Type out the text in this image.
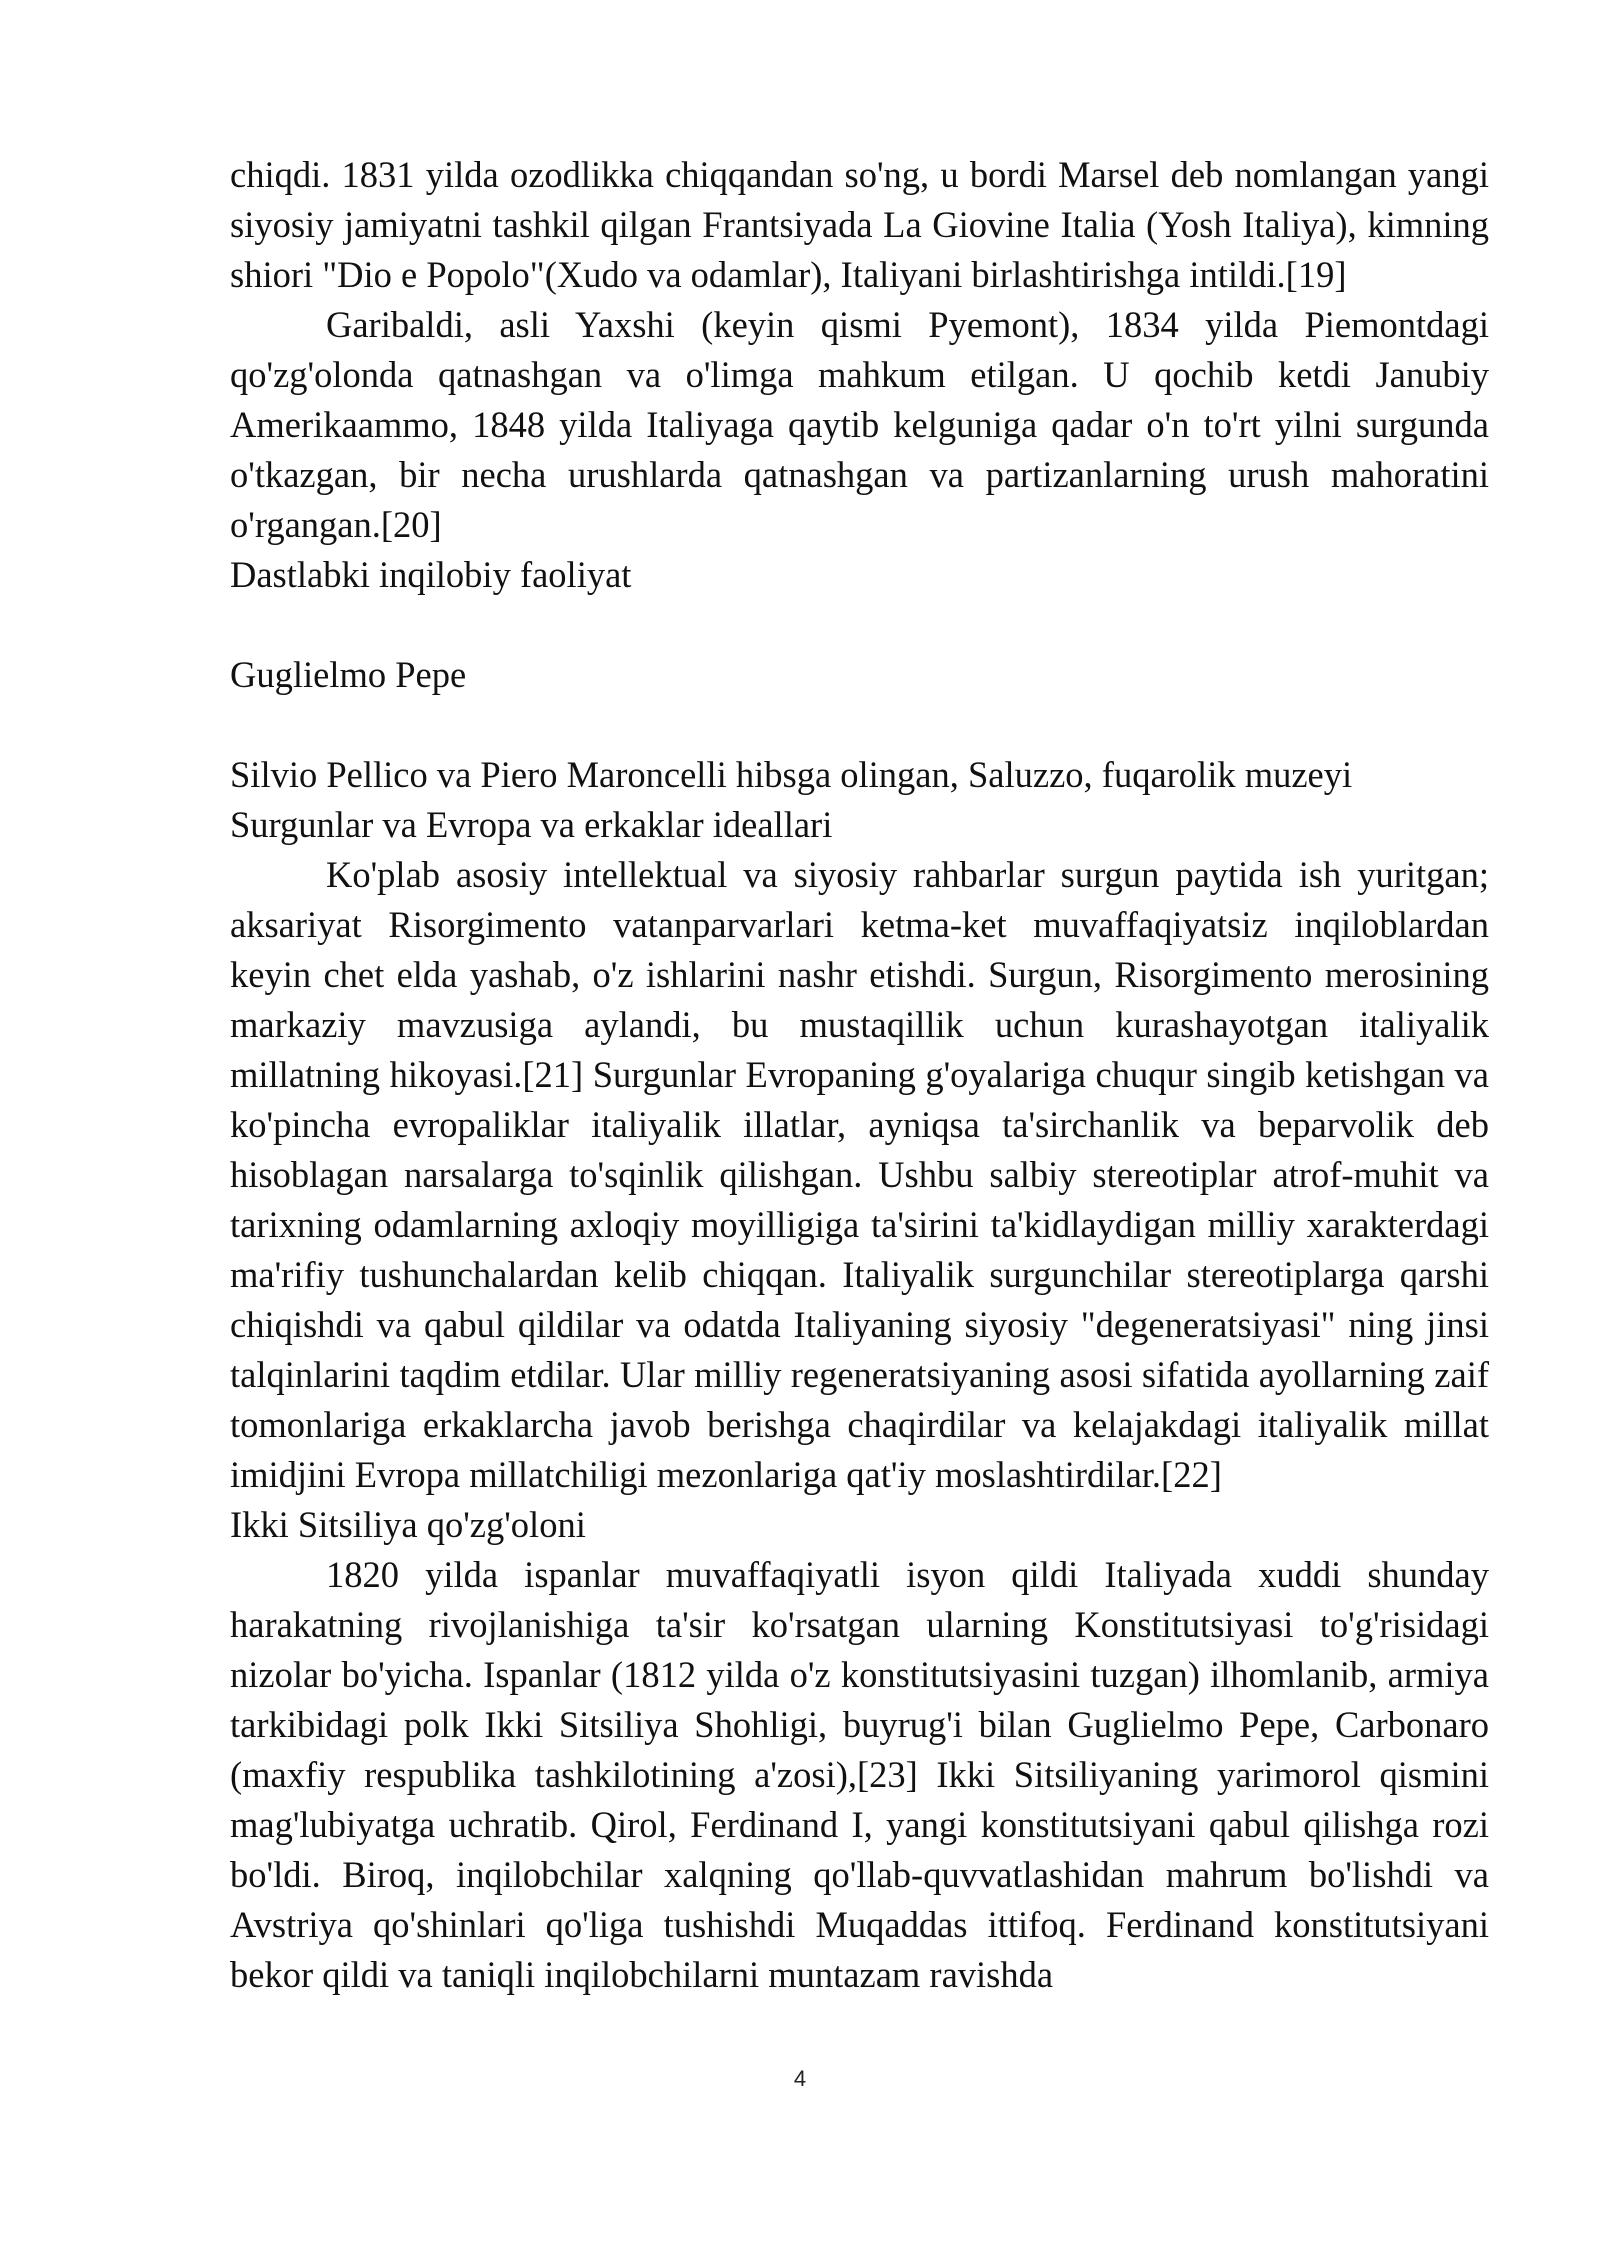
chiqdi. 1831 yilda ozodlikka chiqqandan so'ng, u bordi Marsel deb nomlangan yangi siyosiy jamiyatni tashkil qilgan Frantsiyada La Giovine Italia (Yosh Italiya), kimning shiori "Dio e Popolo"(Xudo va odamlar), Italiyani birlashtirishga intildi.[19]

Garibaldi, asli Yaxshi (keyin qismi Pyemont), 1834 yilda Piemontdagi qo'zg'olonda qatnashgan va o'limga mahkum etilgan. U qochib ketdi Janubiy Amerikaammo, 1848 yilda Italiyaga qaytib kelguniga qadar o'n to'rt yilni surgunda o'tkazgan, bir necha urushlarda qatnashgan va partizanlarning urush mahoratini o'rgangan.[20]

Dastlabki inqilobiy faoliyat

Guglielmo Pepe

Silvio Pellico va Piero Maroncelli hibsga olingan, Saluzzo, fuqarolik muzeyi

Surgunlar va Evropa va erkaklar ideallari

Ko'plab asosiy intellektual va siyosiy rahbarlar surgun paytida ish yuritgan; aksariyat Risorgimento vatanparvarlari ketma-ket muvaffaqiyatsiz inqiloblardan keyin chet elda yashab, o'z ishlarini nashr etishdi. Surgun, Risorgimento merosining markaziy mavzusiga aylandi, bu mustaqillik uchun kurashayotgan italiyalik millatning hikoyasi.[21] Surgunlar Evropaning g'oyalariga chuqur singib ketishgan va ko'pincha evropaliklar italiyalik illatlar, ayniqsa ta'sirchanlik va beparvolik deb hisoblagan narsalarga to'sqinlik qilishgan. Ushbu salbiy stereotiplar atrof-muhit va tarixning odamlarning axloqiy moyilligiga ta'sirini ta'kidlaydigan milliy xarakterdagi ma'rifiy tushunchalardan kelib chiqqan. Italiyalik surgunchilar stereotiplarga qarshi chiqishdi va qabul qildilar va odatda Italiyaning siyosiy "degeneratsiyasi" ning jinsi talqinlarini taqdim etdilar. Ular milliy regeneratsiyaning asosi sifatida ayollarning zaif tomonlariga erkaklarcha javob berishga chaqirdilar va kelajakdagi italiyalik millat imidjini Evropa millatchiligi mezonlariga qat'iy moslashtirdilar.[22]

Ikki Sitsiliya qo'zg'oloni

1820 yilda ispanlar muvaffaqiyatli isyon qildi Italiyada xuddi shunday harakatning rivojlanishiga ta'sir ko'rsatgan ularning Konstitutsiyasi to'g'risidagi nizolar bo'yicha. Ispanlar (1812 yilda o'z konstitutsiyasini tuzgan) ilhomlanib, armiya tarkibidagi polk Ikki Sitsiliya Shohligi, buyrug'i bilan Guglielmo Pepe, Carbonaro (maxfiy respublika tashkilotining a'zosi),[23] Ikki Sitsiliyaning yarimorol qismini mag'lubiyatga uchratib. Qirol, Ferdinand I, yangi konstitutsiyani qabul qilishga rozi bo'ldi. Biroq, inqilobchilar xalqning qo'llab-quvvatlashidan mahrum bo'lishdi va Avstriya qo'shinlari qo'liga tushishdi Muqaddas ittifoq. Ferdinand konstitutsiyani bekor qildi va taniqli inqilobchilarni muntazam ravishda

4
